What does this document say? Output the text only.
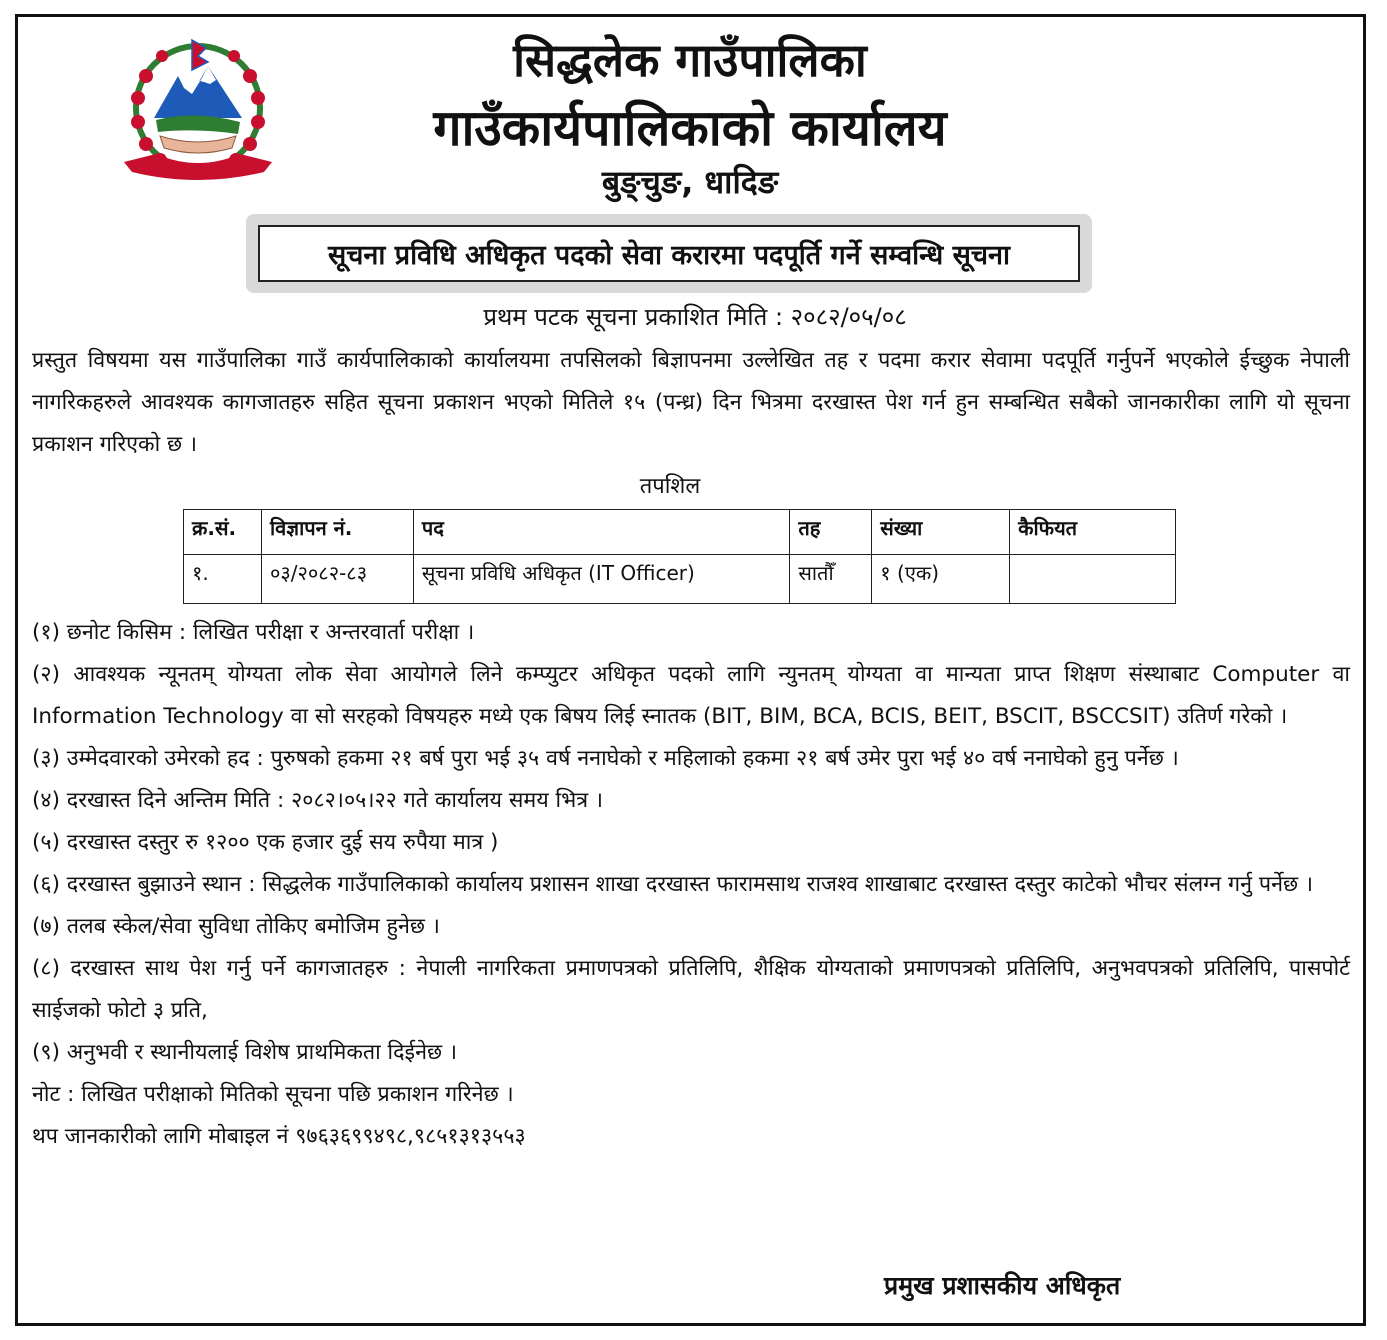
सिद्धलेक गाउँपालिका
गाउँकार्यपालिकाको कार्यालय
बुङ्चुङ, धादिङ
सूचना प्रविधि अधिकृत पदको सेवा करारमा पदपूर्ति गर्ने सम्वन्धि सूचना
प्रथम पटक सूचना प्रकाशित मिति : २०८२/०५/०८
प्रस्तुत विषयमा यस गाउँपालिका गाउँ कार्यपालिकाको कार्यालयमा तपसिलको बिज्ञापनमा उल्लेखित तह र पदमा करार सेवामा पदपूर्ति गर्नुपर्ने भएकोले ईच्छुक नेपाली नागरिकहरुले आवश्यक कागजातहरु सहित सूचना प्रकाशन भएको मितिले १५ (पन्ध्र) दिन भित्रमा दरखास्त पेश गर्न हुन सम्बन्धित सबैको जानकारीका लागि यो सूचना प्रकाशन गरिएको छ ।
तपशिल
क्र.सं.	विज्ञापन नं.	पद	तह	संख्या	कैफियत
१.	०३/२०८२-८३	सूचना प्रविधि अधिकृत (IT Officer)	सातौँ	१ (एक)	

(१) छनोट किसिम : लिखित परीक्षा र अन्तरवार्ता परीक्षा ।

(२) आवश्यक न्यूनतम् योग्यता लोक सेवा आयोगले लिने कम्प्युटर अधिकृत पदको लागि न्युनतम् योग्यता वा मान्यता प्राप्त शिक्षण संस्थाबाट Computer वा Information Technology वा सो सरहको विषयहरु मध्ये एक बिषय लिई स्नातक (BIT, BIM, BCA, BCIS, BEIT, BSCIT, BSCCSIT) उतिर्ण गरेको ।

(३) उम्मेदवारको उमेरको हद : पुरुषको हकमा २१ बर्ष पुरा भई ३५ वर्ष ननाघेको र महिलाको हकमा २१ बर्ष उमेर पुरा भई ४० वर्ष ननाघेको हुनु पर्नेछ ।

(४) दरखास्त दिने अन्तिम मिति : २०८२।०५।२२ गते कार्यालय समय भित्र ।

(५) दरखास्त दस्तुर रु १२०० एक हजार दुई सय रुपैया मात्र )

(६) दरखास्त बुझाउने स्थान : सिद्धलेक गाउँपालिकाको कार्यालय प्रशासन शाखा दरखास्त फारामसाथ राजश्व शाखाबाट दरखास्त दस्तुर काटेको भौचर संलग्न गर्नु पर्नेछ ।

(७) तलब स्केल/सेवा सुविधा तोकिए बमोजिम हुनेछ ।

(८) दरखास्त साथ पेश गर्नु पर्ने कागजातहरु : नेपाली नागरिकता प्रमाणपत्रको प्रतिलिपि, शैक्षिक योग्यताको प्रमाणपत्रको प्रतिलिपि, अनुभवपत्रको प्रतिलिपि, पासपोर्ट साईजको फोटो ३ प्रति,

(९) अनुभवी र स्थानीयलाई विशेष प्राथमिकता दिईनेछ ।

नोट : लिखित परीक्षाको मितिको सूचना पछि प्रकाशन गरिनेछ ।

थप जानकारीको लागि मोबाइल नं ९७६३६९९४९८,९८५१३१३५५३

प्रमुख प्रशासकीय अधिकृत
